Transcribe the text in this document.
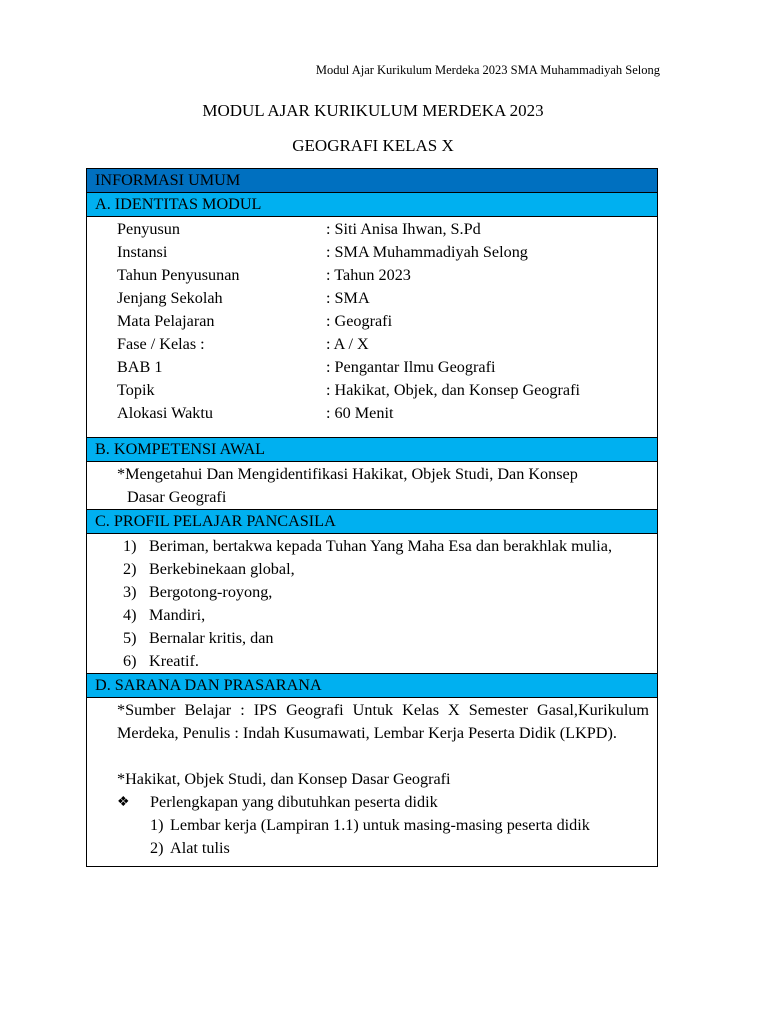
Modul Ajar Kurikulum Merdeka 2023 SMA Muhammadiyah Selong
MODUL AJAR KURIKULUM MERDEKA 2023
GEOGRAFI KELAS X
INFORMASI UMUM
A. IDENTITAS MODUL
Penyusun	: Siti Anisa Ihwan, S.Pd
Instansi	: SMA Muhammadiyah Selong
Tahun Penyusunan	: Tahun 2023
Jenjang Sekolah	: SMA
Mata Pelajaran	: Geografi
Fase / Kelas :	: A / X
BAB 1	: Pengantar Ilmu Geografi
Topik	: Hakikat, Objek, dan Konsep Geografi
Alokasi Waktu	: 60 Menit
B. KOMPETENSI AWAL
*Mengetahui Dan Mengidentifikasi Hakikat, Objek Studi, Dan Konsep
Dasar Geografi
C. PROFIL PELAJAR PANCASILA
1) Beriman, bertakwa kepada Tuhan Yang Maha Esa dan berakhlak mulia,
2) Berkebinekaan global,
3) Bergotong-royong,
4) Mandiri,
5) Bernalar kritis, dan
6) Kreatif.
D. SARANA DAN PRASARANA
*Sumber Belajar : IPS Geografi Untuk Kelas X Semester Gasal,Kurikulum Merdeka, Penulis : Indah Kusumawati, Lembar Kerja Peserta Didik (LKPD).
*Hakikat, Objek Studi, dan Konsep Dasar Geografi
❖	Perlengkapan yang dibutuhkan peserta didik
1) Lembar kerja (Lampiran 1.1) untuk masing-masing peserta didik
2) Alat tulis
